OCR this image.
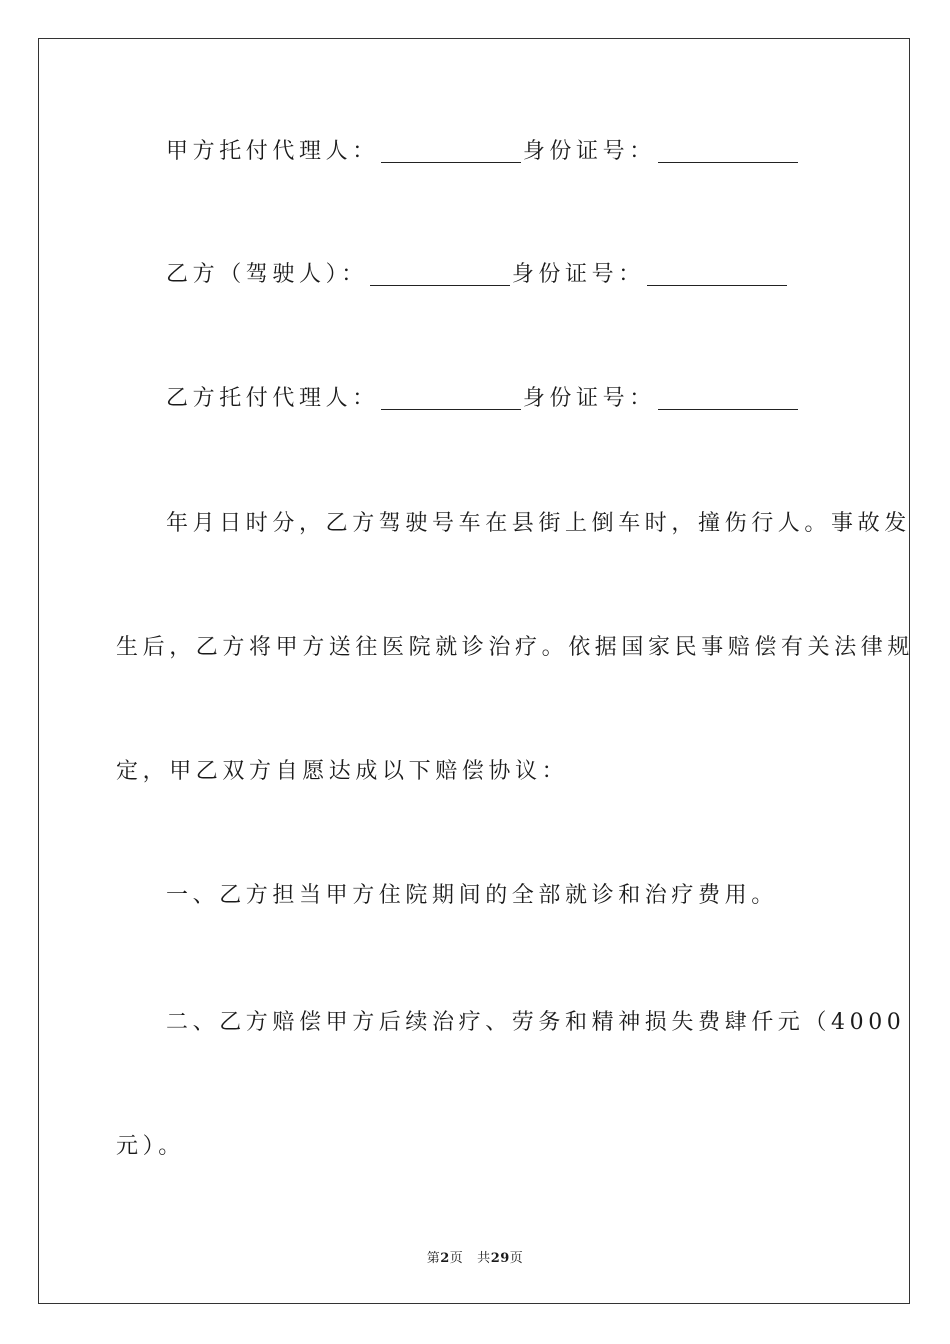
甲方托付代理人：	身份证号：
乙方（驾驶人）：	身份证号：
乙方托付代理人：	身份证号：
年月日时分，乙方驾驶号车在县街上倒车时，撞伤行人。事故发
生后，乙方将甲方送往医院就诊治疗。依据国家民事赔偿有关法律规
定，甲乙双方自愿达成以下赔偿协议：
一、乙方担当甲方住院期间的全部就诊和治疗费用。
二、乙方赔偿甲方后续治疗、劳务和精神损失费肆仟元（4000
元）。
第2页 共29页
